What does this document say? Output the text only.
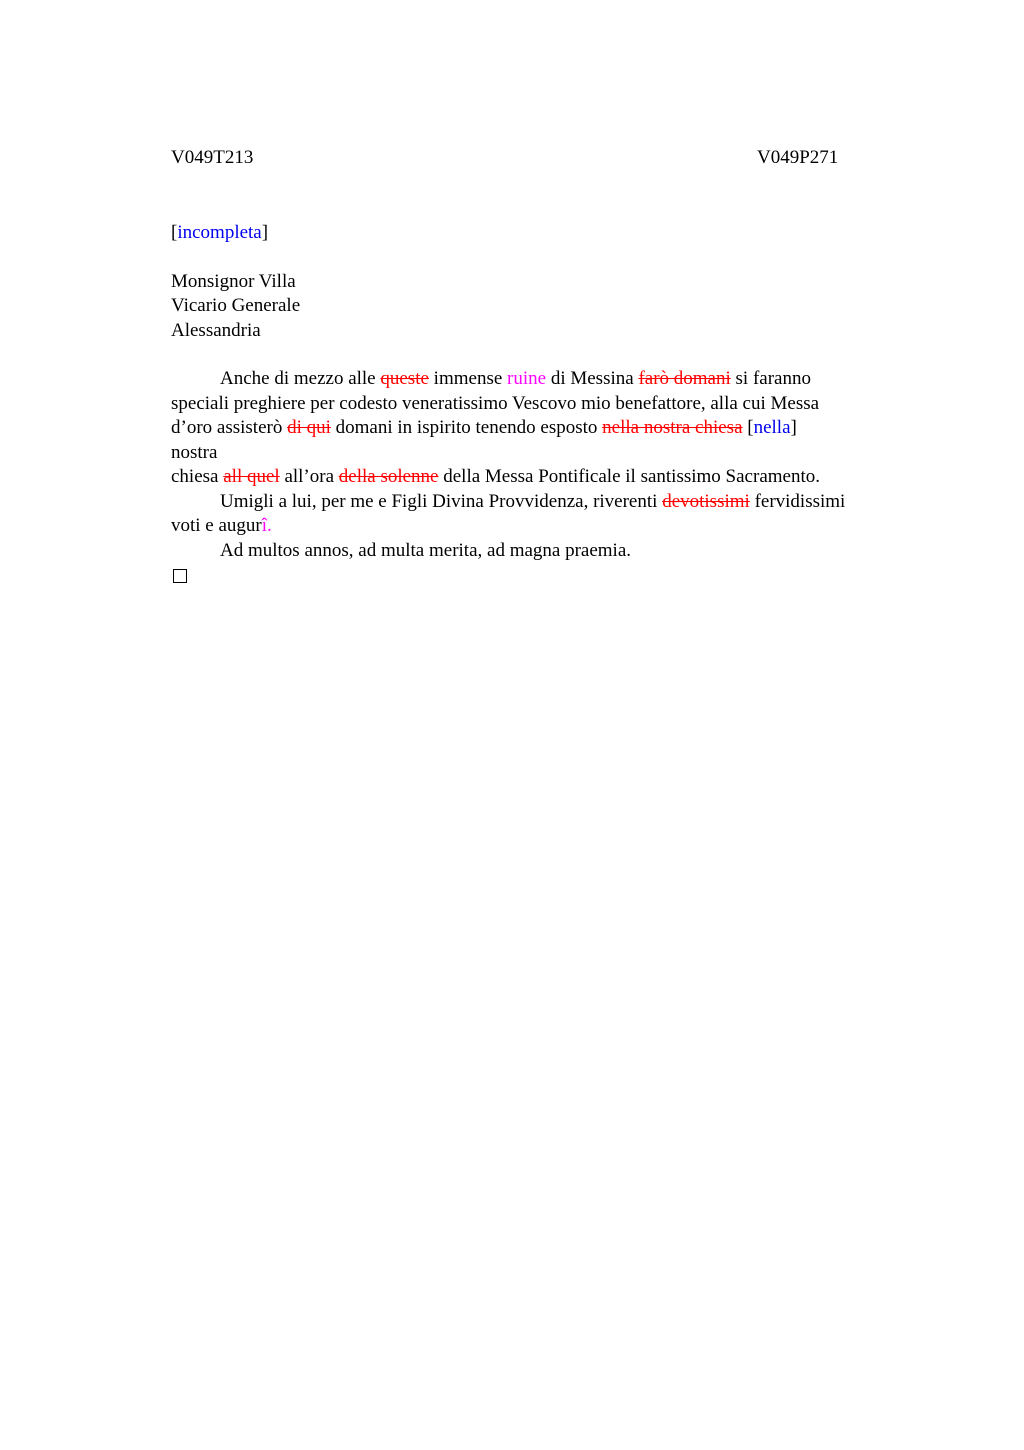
V049T213	V049P271
[incompleta]
Monsignor Villa
Vicario Generale
Alessandria
Anche di mezzo alle queste immense ruine di Messina farò domani si faranno
speciali preghiere per codesto veneratissimo Vescovo mio benefattore, alla cui Messa
d’oro assisterò di qui domani in ispirito tenendo esposto nella nostra chiesa [nella]
nostra
chiesa all quel all’ora della solenne della Messa Pontificale il santissimo Sacramento.
Umigli a lui, per me e Figli Divina Provvidenza, riverenti devotissimi fervidissimi
voti e augurî.
Ad multos annos, ad multa merita, ad magna praemia.
